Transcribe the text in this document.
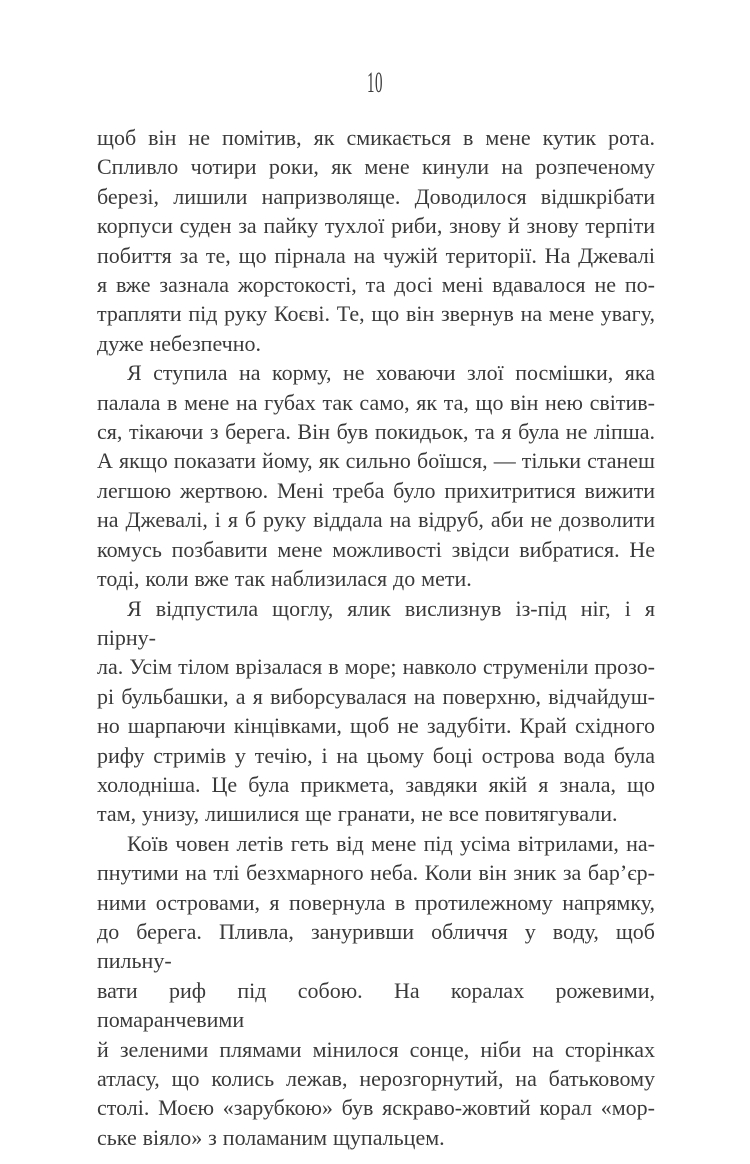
10
щоб він не помітив, як смикається в мене кутик рота.
Спливло чотири роки, як мене кинули на розпеченому
березі, лишили напризволяще. Доводилося відшкрібати
корпуси суден за пайку тухлої риби, знову й знову терпіти
побиття за те, що пірнала на чужій території. На Джевалі
я вже зазнала жорстокості, та досі мені вдавалося не по-
трапляти під руку Коєві. Те, що він звернув на мене увагу,
дуже небезпечно.
Я ступила на корму, не ховаючи злої посмішки, яка
палала в мене на губах так само, як та, що він нею світив-
ся, тікаючи з берега. Він був покидьок, та я була не ліпша.
А якщо показати йому, як сильно боїшся, — тільки станеш
легшою жертвою. Мені треба було прихитритися вижити
на Джевалі, і я б руку віддала на відруб, аби не дозволити
комусь позбавити мене можливості звідси вибратися. Не
тоді, коли вже так наблизилася до мети.
Я відпустила щоглу, ялик вислизнув із-під ніг, і я пірну-
ла. Усім тілом врізалася в море; навколо струменіли прозо-
рі бульбашки, а я виборсувалася на поверхню, відчайдуш-
но шарпаючи кінцівками, щоб не задубіти. Край східного
рифу стримів у течію, і на цьому боці острова вода була
холодніша. Це була прикмета, завдяки якій я знала, що
там, унизу, лишилися ще гранати, не все повитягували.
Коїв човен летів геть від мене під усіма вітрилами, на-
пнутими на тлі безхмарного неба. Коли він зник за бар’єр-
ними островами, я повернула в протилежному напрямку,
до берега. Пливла, зануривши обличчя у воду, щоб пильну-
вати риф під собою. На коралах рожевими, помаранчевими
й зеленими плямами мінилося сонце, ніби на сторінках
атласу, що колись лежав, нерозгорнутий, на батьковому
столі. Моєю «зарубкою» був яскраво-жовтий корал «мор-
ське віяло» з поламаним щупальцем.
